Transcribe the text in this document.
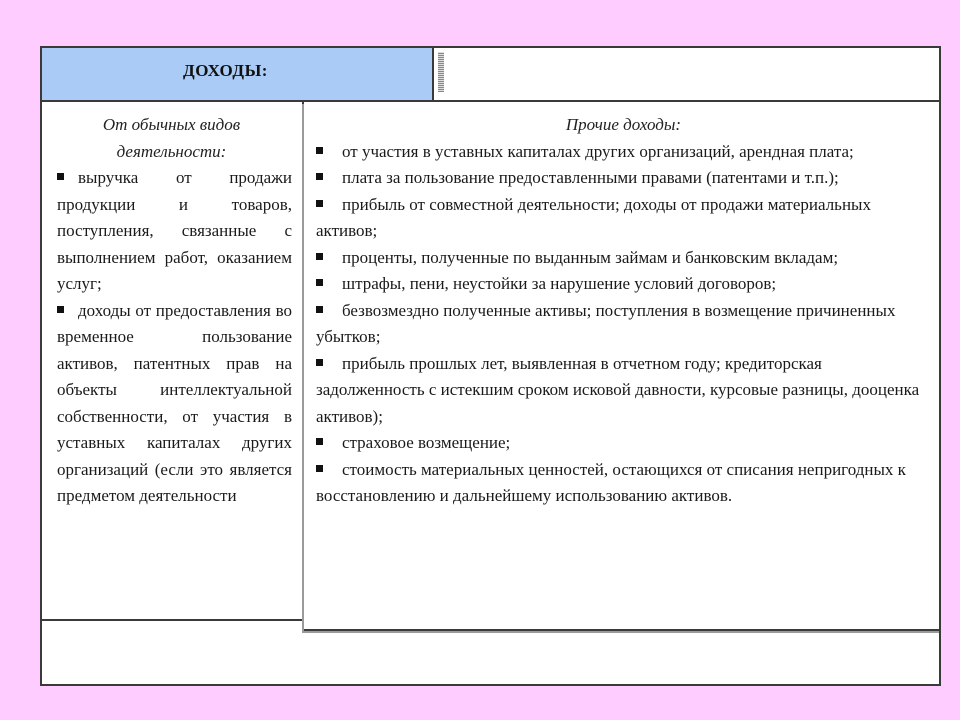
ДОХОДЫ:
От обычных видов деятельности:
выручка от продажи продукции и товаров, поступления, связанные с выполнением работ, оказанием услуг;
доходы от предоставления во временное пользование активов, патентных прав на объекты интеллектуальной собственности, от участия в уставных капиталах других организаций (если это является предметом деятельности
Прочие доходы:
от участия в уставных капиталах других организаций, арендная плата;
плата за пользование предоставленными правами (патентами и т.п.);
прибыль от совместной деятельности; доходы от продажи материальных активов;
проценты, полученные по выданным займам и банковским вкладам;
штрафы, пени, неустойки за нарушение условий договоров;
безвозмездно полученные активы; поступления в возмещение причиненных убытков;
прибыль прошлых лет, выявленная в отчетном году; кредиторская задолженность с истекшим сроком исковой давности, курсовые разницы, дооценка активов);
страховое возмещение;
стоимость материальных ценностей, остающихся от списания непригодных к восстановлению и дальнейшему использованию активов.
